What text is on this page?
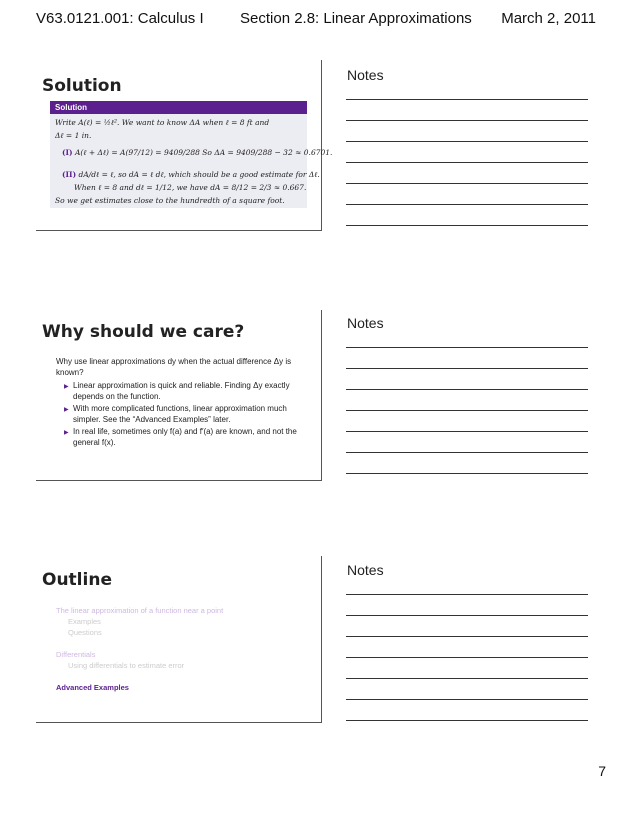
V63.0121.001: Calculus I Section 2.8: Linear Approximations March 2, 2011
Solution
Solution
Write A(ℓ) = ½ℓ². We want to know ΔA when ℓ = 8 ft and
Δℓ = 1 in.
(I) A(ℓ + Δℓ) = A(97/12) = 9409/288 So ΔA = 9409/288 − 32 ≈ 0.6701.
(II) dA/dℓ = ℓ, so dA = ℓ dℓ, which should be a good estimate for Δℓ.
When ℓ = 8 and dℓ = 1/12, we have dA = 8/12 = 2/3 ≈ 0.667.
So we get estimates close to the hundredth of a square foot.
Notes
Why should we care?
Why use linear approximations dy when the actual difference Δy is known?
▶ Linear approximation is quick and reliable. Finding Δy exactly depends on the function.
▶ With more complicated functions, linear approximation much simpler. See the “Advanced Examples” later.
▶ In real life, sometimes only f(a) and f′(a) are known, and not the general f(x).
Notes
Outline
The linear approximation of a function near a point
Examples
Questions
Differentials
Using differentials to estimate error
Advanced Examples
Notes
7
